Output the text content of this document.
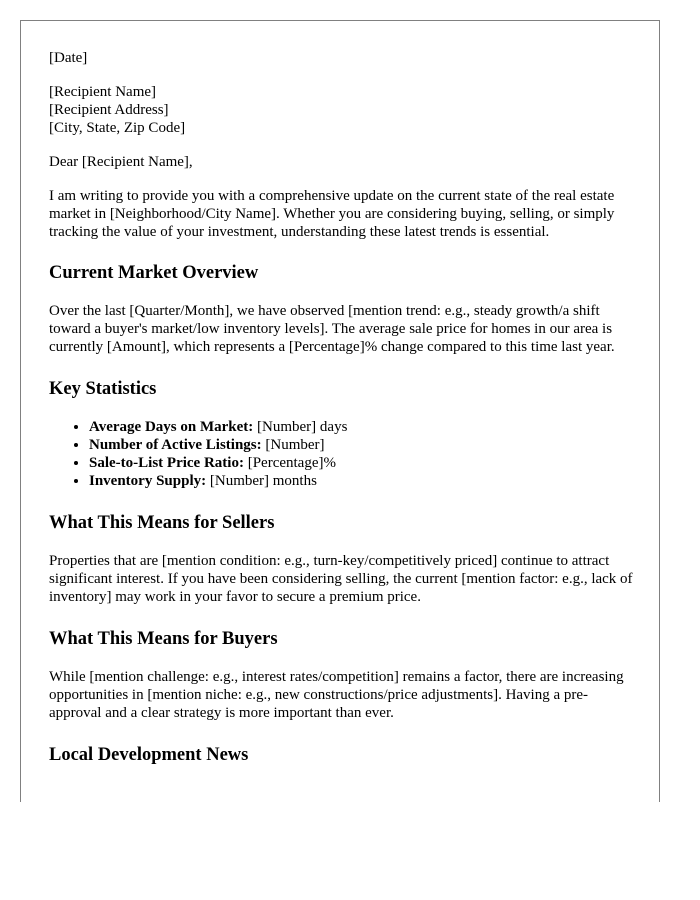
[Date]

[Recipient Name]
[Recipient Address]
[City, State, Zip Code]

Dear [Recipient Name],

I am writing to provide you with a comprehensive update on the current state of the real estate market in [Neighborhood/City Name]. Whether you are considering buying, selling, or simply tracking the value of your investment, understanding these latest trends is essential.

Current Market Overview

Over the last [Quarter/Month], we have observed [mention trend: e.g., steady growth/a shift toward a buyer's market/low inventory levels]. The average sale price for homes in our area is currently [Amount], which represents a [Percentage]% change compared to this time last year.

Key Statistics
• Average Days on Market: [Number] days
• Number of Active Listings: [Number]
• Sale-to-List Price Ratio: [Percentage]%
• Inventory Supply: [Number] months
What This Means for Sellers

Properties that are [mention condition: e.g., turn-key/competitively priced] continue to attract significant interest. If you have been considering selling, the current [mention factor: e.g., lack of inventory] may work in your favor to secure a premium price.

What This Means for Buyers

While [mention challenge: e.g., interest rates/competition] remains a factor, there are increasing opportunities in [mention niche: e.g., new constructions/price adjustments]. Having a pre-approval and a clear strategy is more important than ever.

Local Development News
